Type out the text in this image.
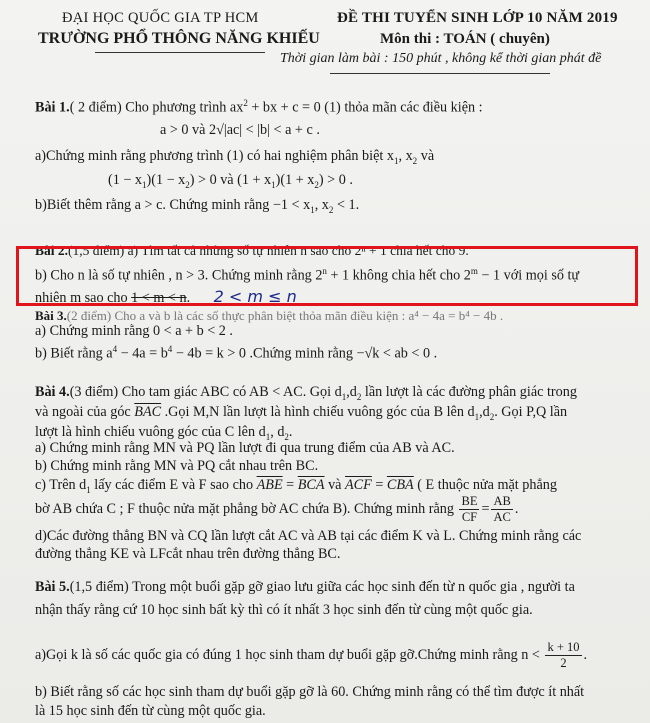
ĐẠI HỌC QUỐC GIA TP HCM
TRƯỜNG PHỔ THÔNG NĂNG KHIẾU
ĐỀ THI TUYỂN SINH LỚP 10 NĂM 2019
Môn thi : TOÁN ( chuyên)
Thời gian làm bài : 150 phút , không kể thời gian phát đề

Bài 1.( 2 điểm) Cho phương trình $ax^2$ + bx + c = 0 (1) thỏa mãn các điều kiện :

a > 0 và 2√|ac| < |b| < a + c .

a)Chứng minh rằng phương trình (1) có hai nghiệm phân biệt $x_1$, $x_2$ và

$(1 - x_1)(1 - x_2) > 0$ và $(1 + x_1)(1 + x_2) > 0$ .

b)Biết thêm rằng a > c. Chứng minh rằng $-1 < x_1$, $x_2 < 1$.

Bài 2.(1,5 điểm) a) Tìm tất cả những số tự nhiên n sao cho 2ⁿ + 1 chia hết cho 9.

b) Cho n là số tự nhiên , n > 3. Chứng minh rằng $2^n + 1$ không chia hết cho $2^m - 1$ với mọi số tự

nhiên m sao cho 1 < m < n. 2 < m ≤ n

Bài 3.(2 điểm) Cho a và b là các số thực phân biệt thỏa mãn điều kiện : a⁴ − 4a = b⁴ − 4b .

a) Chứng minh rằng 0 < a + b < 2 .

b) Biết rằng $a^4 - 4a = b^4 - 4b = k > 0$ .Chứng minh rằng −√k < ab < 0 .

Bài 4.(3 điểm) Cho tam giác ABC có AB < AC. Gọi $d_1,d_2$ lần lượt là các đường phân giác trong

và ngoài của góc $\overline{BAC}$ .Gọi M,N lần lượt là hình chiếu vuông góc của B lên $d_1,d_2$. Gọi P,Q lần

lượt là hình chiếu vuông góc của C lên $d_1$, $d_2$.

a) Chứng minh rằng MN và PQ lần lượt đi qua trung điểm của AB và AC.

b) Chứng minh rằng MN và PQ cắt nhau trên BC.

c) Trên $d_1$ lấy các điểm E và F sao cho $\overline{ABE} = \overline{BCA}$ và $\overline{ACF} = \overline{CBA}$ ( E thuộc nửa mặt phẳng

bờ AB chứa C ; F thuộc nửa mặt phẳng bờ AC chứa B). Chứng minh rằng $\frac{BE}{CF} = \frac{AB}{AC}$ .

d)Các đường thẳng BN và CQ lần lượt cắt AC và AB tại các điểm K và L. Chứng minh rằng các

đường thẳng KE và LFcắt nhau trên đường thẳng BC.

Bài 5.(1,5 điểm) Trong một buổi gặp gỡ giao lưu giữa các học sinh đến từ n quốc gia , người ta

nhận thấy rằng cứ 10 học sinh bất kỳ thì có ít nhất 3 học sinh đến từ cùng một quốc gia.

a)Gọi k là số các quốc gia có đúng 1 học sinh tham dự buổi gặp gỡ.Chứng minh rằng $n < \frac{k + 10}{2}$ .

b) Biết rằng số các học sinh tham dự buổi gặp gỡ là 60. Chứng minh rằng có thể tìm được ít nhất

là 15 học sinh đến từ cùng một quốc gia.
